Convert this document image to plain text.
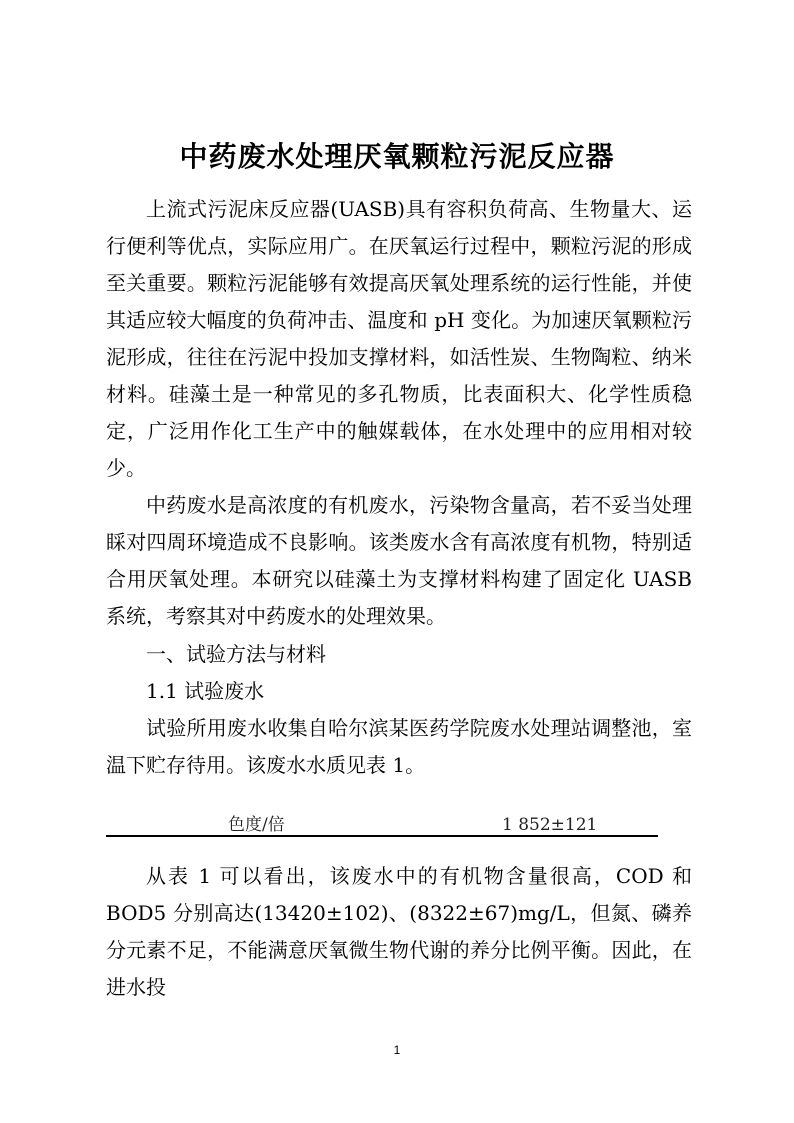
中药废水处理厌氧颗粒污泥反应器

上流式污泥床反应器(UASB)具有容积负荷高、生物量大、运行便利等优点，实际应用广。在厌氧运行过程中，颗粒污泥的形成至关重要。颗粒污泥能够有效提高厌氧处理系统的运行性能，并使其适应较大幅度的负荷冲击、温度和 pH 变化。为加速厌氧颗粒污泥形成，往往在污泥中投加支撑材料，如活性炭、生物陶粒、纳米材料。硅藻土是一种常见的多孔物质，比表面积大、化学性质稳定，广泛用作化工生产中的触媒载体，在水处理中的应用相对较少。

中药废水是高浓度的有机废水，污染物含量高，若不妥当处理睬对四周环境造成不良影响。该类废水含有高浓度有机物，特别适合用厌氧处理。本研究以硅藻土为支撑材料构建了固定化 UASB 系统，考察其对中药废水的处理效果。

一、试验方法与材料

1.1 试验废水

试验所用废水收集自哈尔滨某医药学院废水处理站调整池，室温下贮存待用。该废水水质见表 1。

色度/倍	1 852±121

从表 1 可以看出，该废水中的有机物含量很高，COD 和 BOD5 分别高达(13420±102)、(8322±67)mg/L，但氮、磷养分元素不足，不能满意厌氧微生物代谢的养分比例平衡。因此，在进水投

1
